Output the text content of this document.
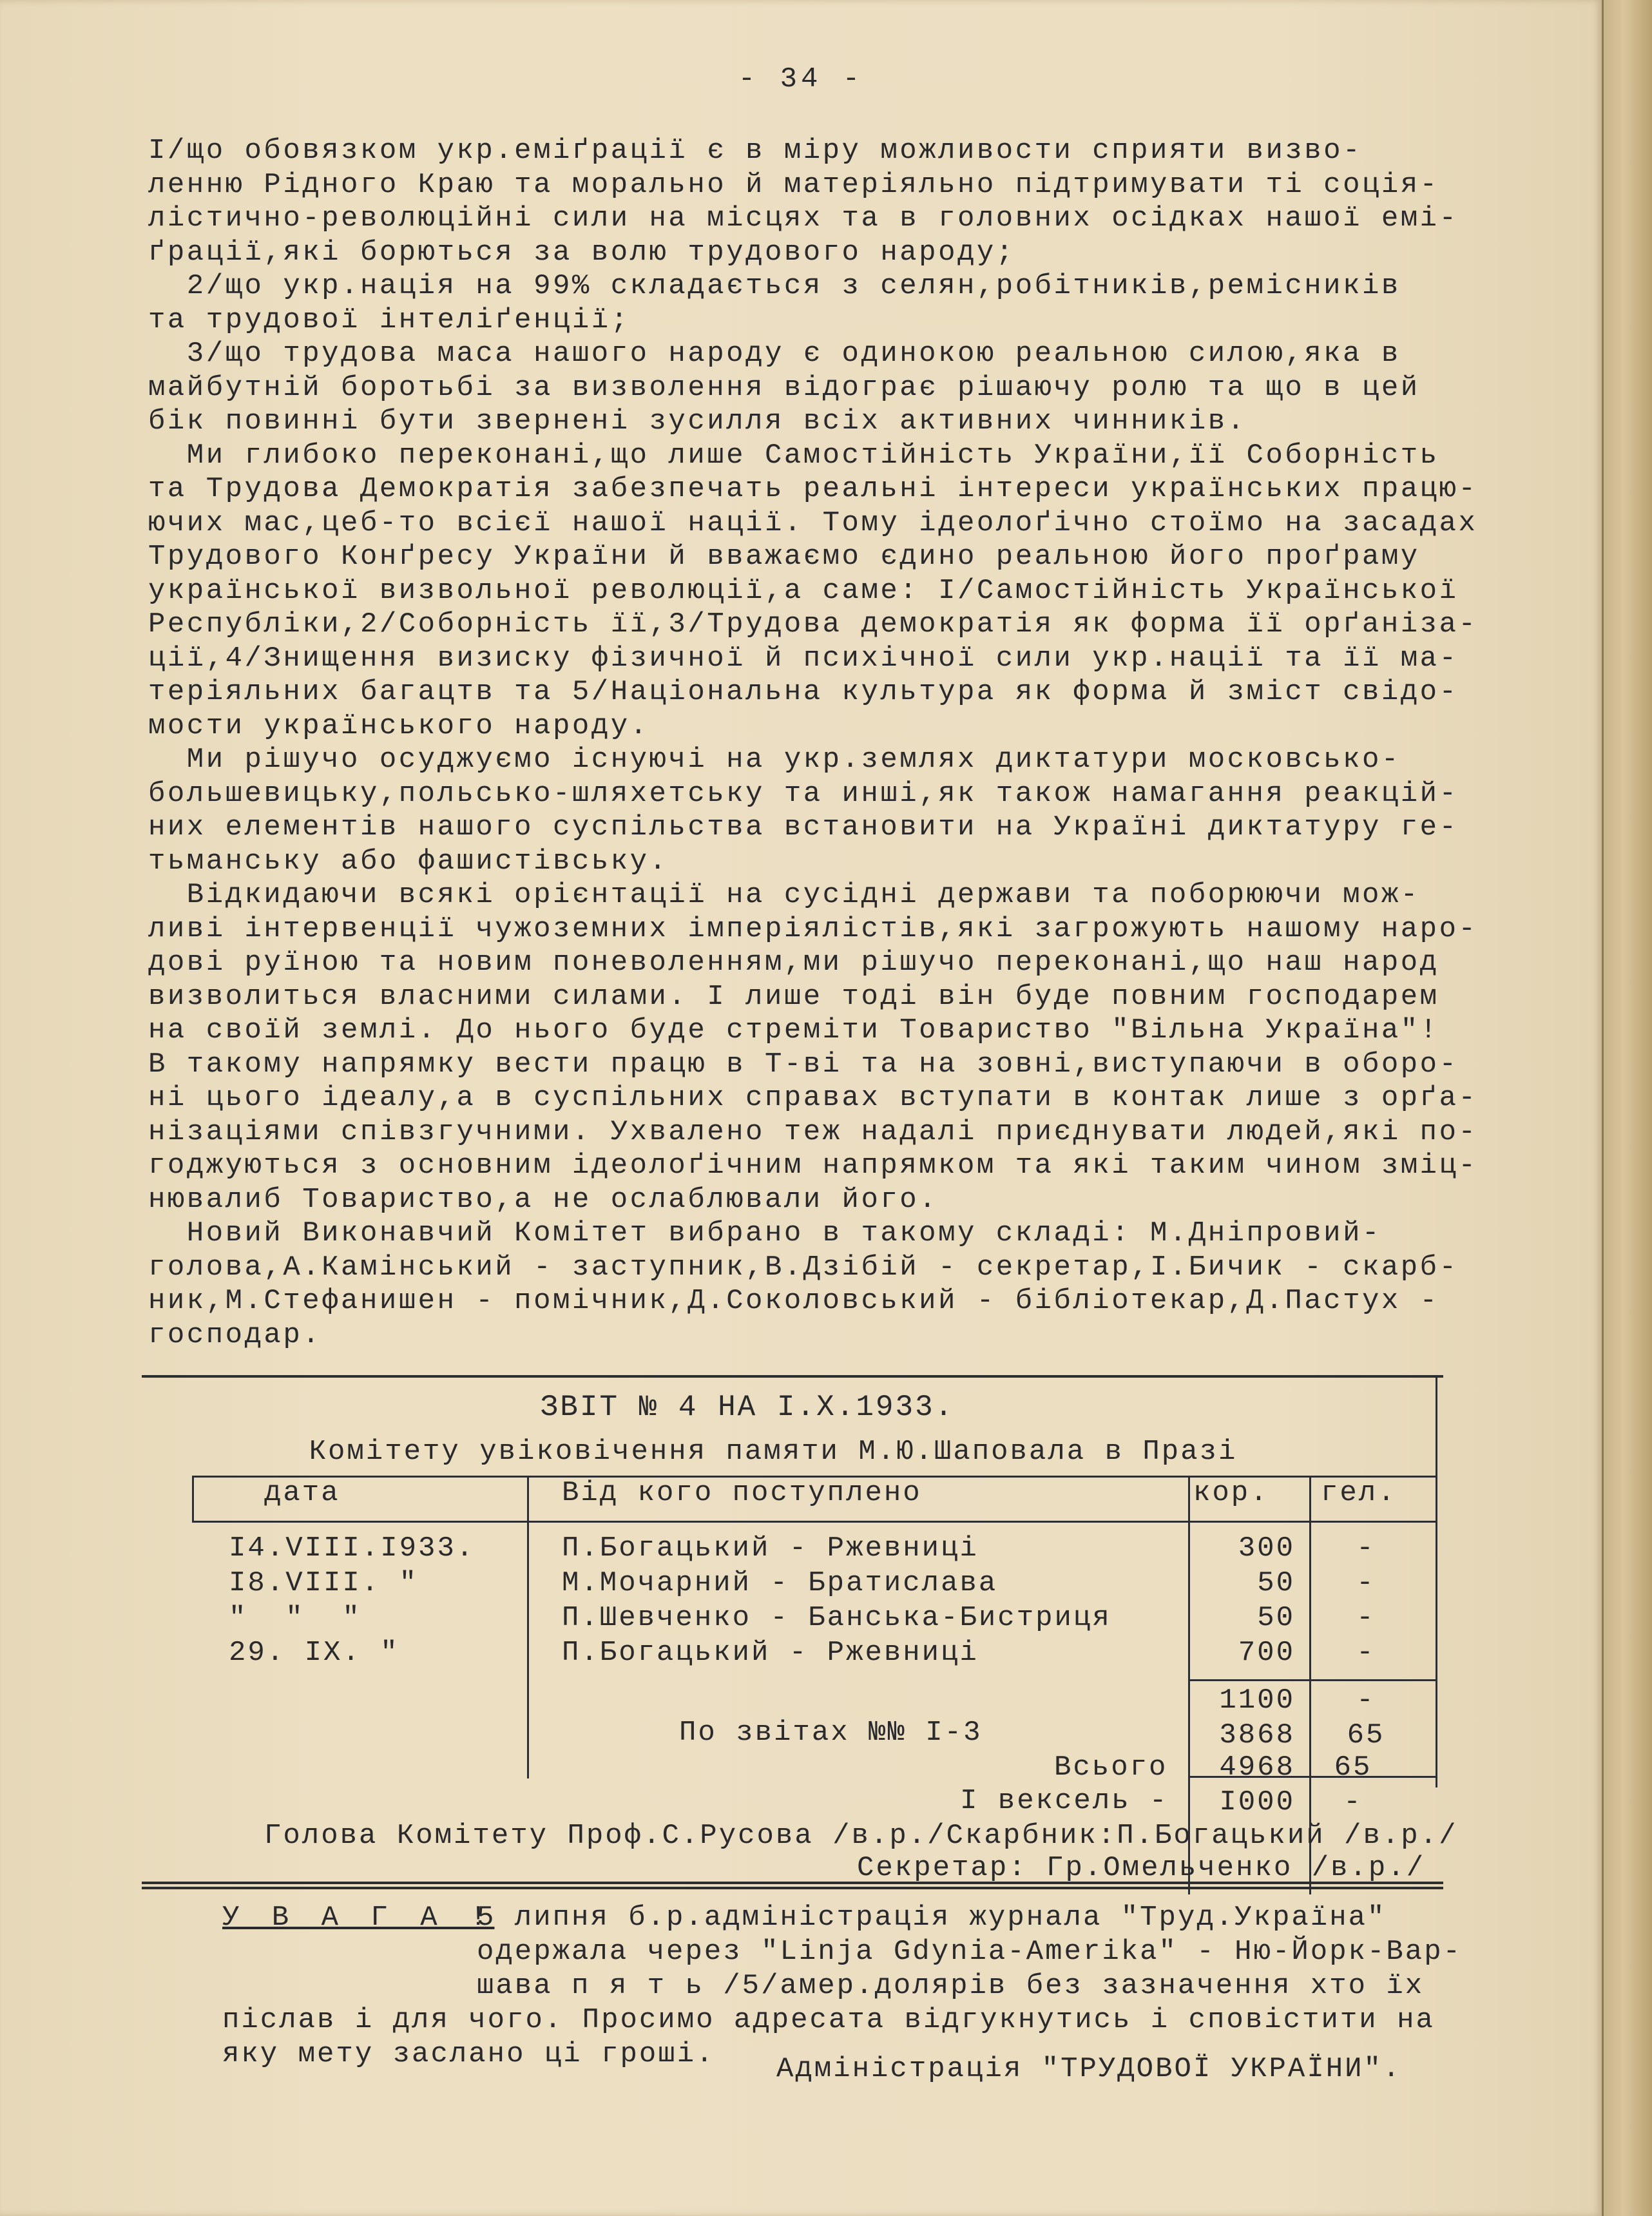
- 34 -
I/що обовязком укр.еміґрації є в міру можливости сприяти визво-
ленню Рідного Краю та морально й матеріяльно підтримувати ті соція-
лістично-революційні сили на місцях та в головних осідках нашої емі-
ґрації,які борються за волю трудового народу;
2/що укр.нація на 99% складається з селян,робітників,ремісників
та трудової інтеліґенції;
3/що трудова маса нашого народу є одинокою реальною силою,яка в
майбутній боротьбі за визволення відограє рішаючу ролю та що в цей
бік повинні бути звернені зусилля всіх активних чинників.
Ми глибоко переконані,що лише Самостійність України,її Соборність
та Трудова Демократія забезпечать реальні інтереси українських працю-
ючих мас,цеб-то всієї нашої нації. Тому ідеолоґічно стоїмо на засадах
Трудового Конґресу України й вважаємо єдино реальною його проґраму
української визвольної революції,а саме: I/Самостійність Української
Республіки,2/Соборність її,3/Трудова демократія як форма її орґаніза-
ції,4/Знищення визиску фізичної й психічної сили укр.нації та її ма-
теріяльних багацтв та 5/Національна культура як форма й зміст свідо-
мости українського народу.
Ми рішучо осуджуємо існуючі на укр.землях диктатури московсько-
большевицьку,польсько-шляхетську та инші,як також намагання реакцій-
них елементів нашого суспільства встановити на Україні диктатуру ге-
тьманську або фашистівську.
Відкидаючи всякі орієнтації на сусідні держави та поборюючи мож-
ливі інтервенції чужоземних імперіялістів,які загрожують нашому наро-
дові руїною та новим поневоленням,ми рішучо переконані,що наш нарoд
визволиться власними силами. І лише тоді він буде повним господарем
на своїй землі. До нього буде стреміти Товариство "Вільна Україна"!
В такому напрямку вести працю в Т-ві та на зовні,виступаючи в оборо-
ні цього ідеалу,а в суспільних справах вступати в контак лише з орґа-
нізаціями співзгучними. Ухвалено теж надалі приєднувати людей,які по-
годжуються з основним ідеолоґічним напрямком та які таким чином зміц-
нювалиб Товариство,а не ослаблювали його.
Новий Виконавчий Комітет вибрано в такому складі: М.Дніпровий-
голова,А.Камінський - заступник,В.Дзібій - секретар,І.Бичик - скарб-
ник,М.Стефанишен - помічник,Д.Соколовський - бібліотекар,Д.Пастух -
господар.
ЗВІТ № 4 НА І.Х.1933.
Комітету увіковічення памяти М.Ю.Шаповала в Празі
дата	Від кого поступлено	кор. гел.
I4.VIII.I933.	П.Богацький - Ржевниці	300	-
I8.VIII. "	М.Мочарний - Братислава	50	-
"  "  "	П.Шевченко - Банська-Бистриця	50	-
29. IX. "	П.Богацький - Ржевниці	700	-
1100	-
По звітах №№ I-3	3868 65
Всього	4968 65
I вексель -	I000	-
Голова Комітету Проф.С.Русова /в.р./Скарбник:П.Богацький /в.р./
Секретар: Гр.Омельченко /в.р./
У В А Г А !
5 липня б.р.адміністрація журнала "Труд.Україна"
одержала через "Linja Gdynia-Amerika" - Ню-Йорк-Вар-
шава п я т ь /5/амер.долярів без зазначення хто їх
післав і для чого. Просимо адресата відгукнутись і сповістити на
яку мету заслано ці гроші. Адміністрація "ТРУДОВОЇ УКРАЇНИ".
